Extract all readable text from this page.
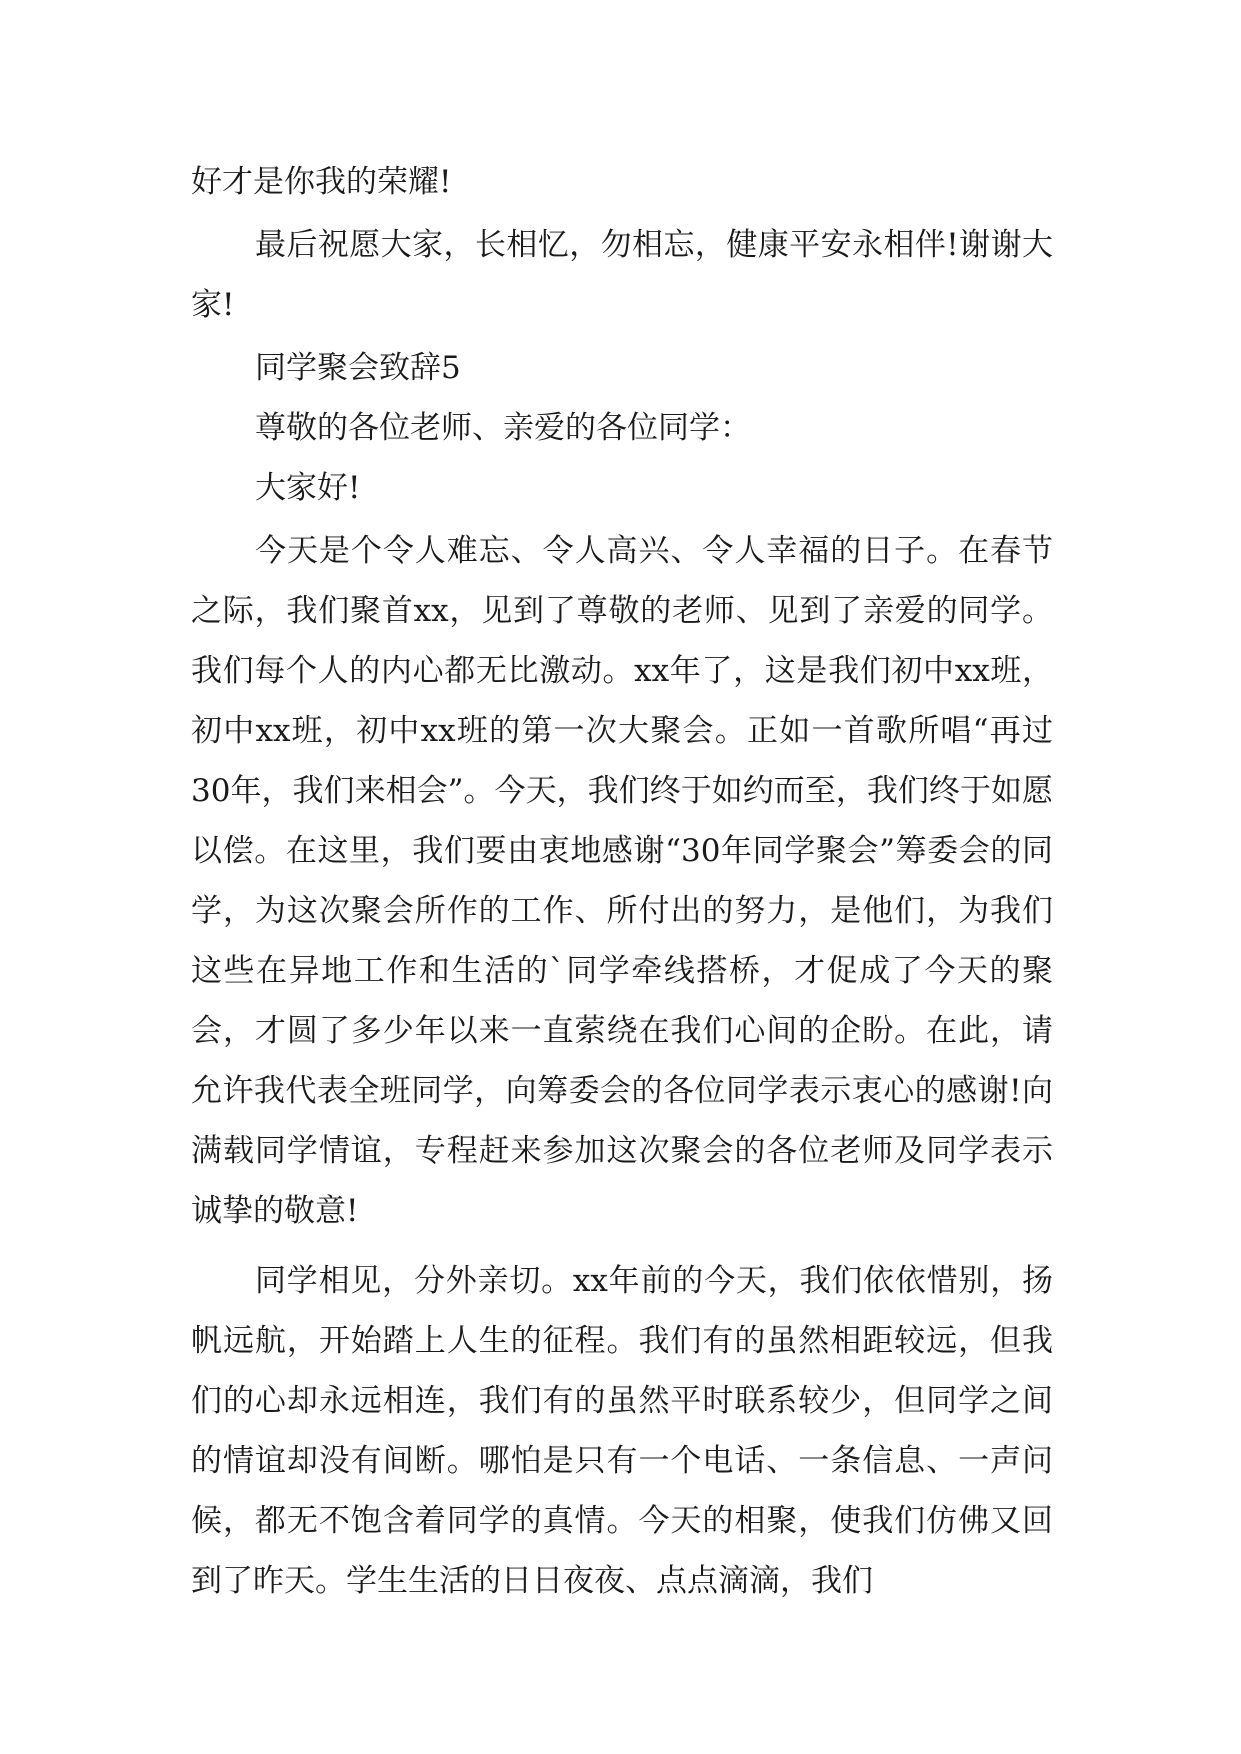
好才是你我的荣耀!

最后祝愿大家，长相忆，勿相忘，健康平安永相伴!谢谢大家!

同学聚会致辞5

尊敬的各位老师、亲爱的各位同学：

大家好!

今天是个令人难忘、令人高兴、令人幸福的日子。在春节之际，我们聚首xx，见到了尊敬的老师、见到了亲爱的同学。我们每个人的内心都无比激动。xx年了，这是我们初中xx班，初中xx班，初中xx班的第一次大聚会。正如一首歌所唱“再过30年，我们来相会”。今天，我们终于如约而至，我们终于如愿以偿。在这里，我们要由衷地感谢“30年同学聚会”筹委会的同学，为这次聚会所作的工作、所付出的努力，是他们，为我们这些在异地工作和生活的`同学牵线搭桥，才促成了今天的聚会，才圆了多少年以来一直萦绕在我们心间的企盼。在此，请允许我代表全班同学，向筹委会的各位同学表示衷心的感谢!向满载同学情谊，专程赶来参加这次聚会的各位老师及同学表示诚挚的敬意!

同学相见，分外亲切。xx年前的今天，我们依依惜别，扬帆远航，开始踏上人生的征程。我们有的虽然相距较远，但我们的心却永远相连，我们有的虽然平时联系较少，但同学之间的情谊却没有间断。哪怕是只有一个电话、一条信息、一声问候，都无不饱含着同学的真情。今天的相聚，使我们仿佛又回到了昨天。学生生活的日日夜夜、点点滴滴，我们
